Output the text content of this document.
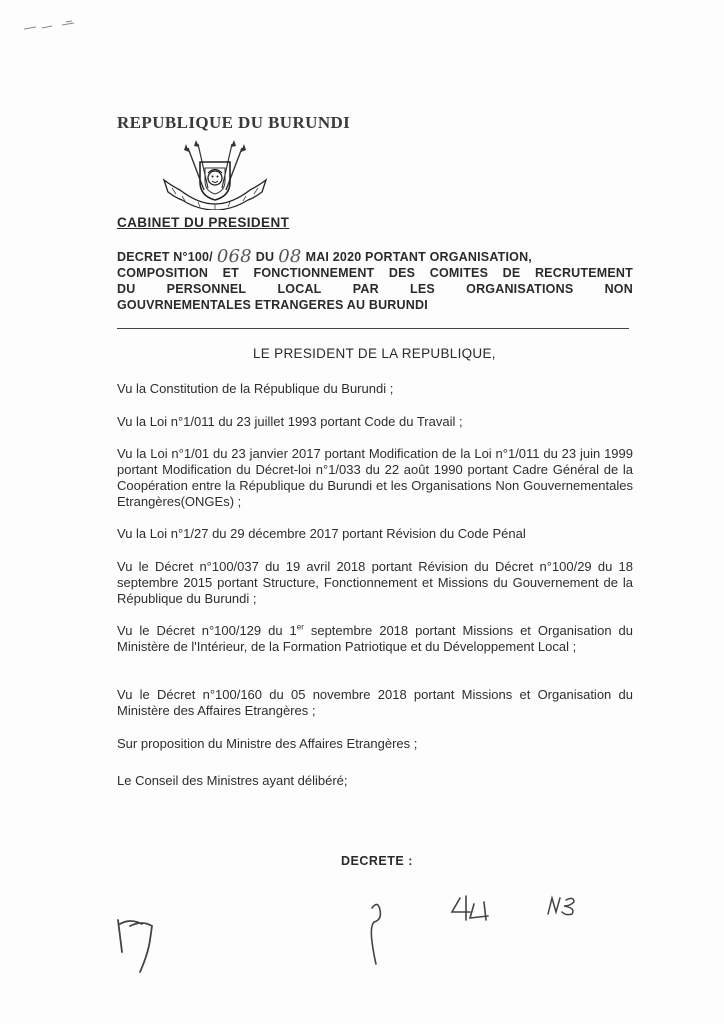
REPUBLIQUE DU BURUNDI
CABINET DU PRESIDENT
DECRET N°100/ 068 DU 08 MAI 2020 PORTANT ORGANISATION,
COMPOSITION ET FONCTIONNEMENT DES COMITES DE RECRUTEMENT
DU PERSONNEL LOCAL PAR LES ORGANISATIONS NON
GOUVRNEMENTALES ETRANGERES AU BURUNDI
LE PRESIDENT DE LA REPUBLIQUE,
Vu la Constitution de la République du Burundi ;
Vu la Loi n°1/011 du 23 juillet 1993 portant Code du Travail ;
Vu la Loi n°1/01 du 23 janvier 2017 portant Modification de la Loi n°1/011 du 23 juin 1999 portant Modification du Décret-loi n°1/033 du 22 août 1990 portant Cadre Général de la Coopération entre la République du Burundi et les Organisations Non Gouvernementales Etrangères(ONGEs) ;
Vu la Loi n°1/27 du 29 décembre 2017 portant Révision du Code Pénal
Vu le Décret n°100/037 du 19 avril 2018 portant Révision du Décret n°100/29 du 18 septembre 2015 portant Structure, Fonctionnement et Missions du Gouvernement de la République du Burundi ;
Vu le Décret n°100/129 du 1er septembre 2018 portant Missions et Organisation du Ministère de l'Intérieur, de la Formation Patriotique et du Développement Local ;
Vu le Décret n°100/160 du 05 novembre 2018 portant Missions et Organisation du Ministère des Affaires Etrangères ;
Sur proposition du Ministre des Affaires Etrangères ;
Le Conseil des Ministres ayant délibéré;
DECRETE :
